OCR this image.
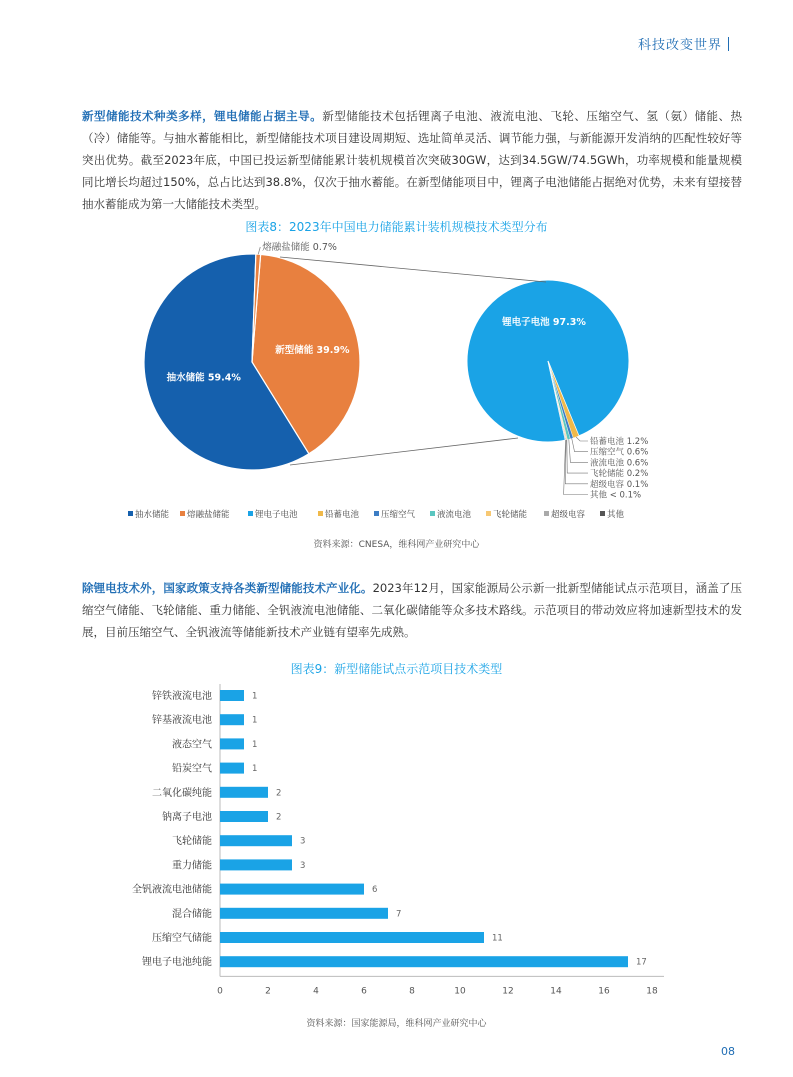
科技改变世界
新型储能技术种类多样，锂电储能占据主导。新型储能技术包括锂离子电池、液流电池、飞轮、压缩空气、氢（氨）储能、热（冷）储能等。与抽水蓄能相比，新型储能技术项目建设周期短、选址简单灵活、调节能力强，与新能源开发消纳的匹配性较好等突出优势。截至2023年底，中国已投运新型储能累计装机规模首次突破30GW，达到34.5GW/74.5GWh，功率规模和能量规模同比增长均超过150%，总占比达到38.8%，仅次于抽水蓄能。在新型储能项目中，锂离子电池储能占据绝对优势，未来有望接替抽水蓄能成为第一大储能技术类型。
图表8：2023年中国电力储能累计装机规模技术类型分布
新型储能 39.9%
抽水储能 59.4%
熔融盐储能 0.7%
锂电子电池 97.3%
铅蓄电池 1.2%
压缩空气 0.6%
液流电池 0.6%
飞轮储能 0.2%
超级电容 0.1%
其他 < 0.1%
抽水储能 熔融盐储能	锂电子电池	铅蓄电池	压缩空气	液流电池	飞轮储能	超级电容	其他
资料来源：CNESA，维科网产业研究中心
除锂电技术外，国家政策支持各类新型储能技术产业化。2023年12月，国家能源局公示新一批新型储能试点示范项目，涵盖了压缩空气储能、飞轮储能、重力储能、全钒液流电池储能、二氧化碳储能等众多技术路线。示范项目的带动效应将加速新型技术的发展，目前压缩空气、全钒液流等储能新技术产业链有望率先成熟。
图表9：新型储能试点示范项目技术类型
锌铁液流电池	1
锌基液流电池	1
液态空气	1
铅炭空气	1
二氧化碳纯能	2
钠离子电池	2
飞轮储能	3
重力储能	3
全钒液流电池储能	6
混合储能	7
压缩空气储能	11
锂电子电池纯能	17
0	2	4	6	8	10	12	14	16	18
资料来源：国家能源局，维科网产业研究中心
08
